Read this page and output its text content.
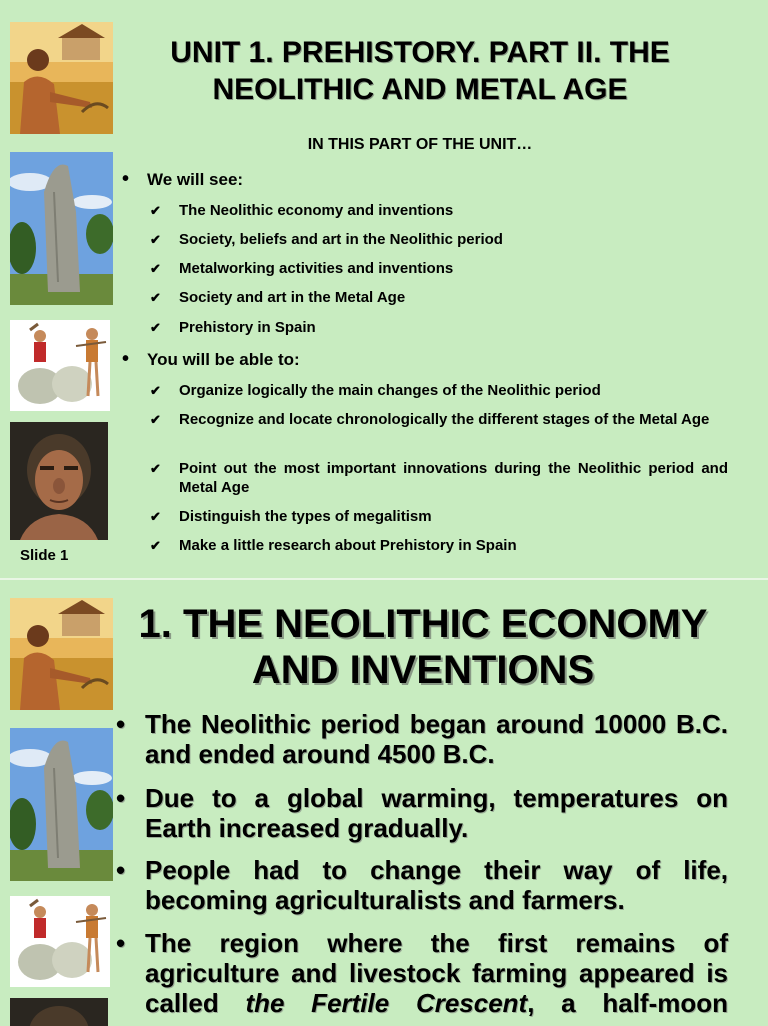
UNIT 1. PREHISTORY. PART II. THE NEOLITHIC AND METAL AGE
IN THIS PART OF THE UNIT…
• We will see:
✔ The Neolithic economy and inventions
✔ Society, beliefs and art in the Neolithic period
✔ Metalworking activities and inventions
✔ Society and art in the Metal Age
✔ Prehistory in Spain
• You will be able to:
✔ Organize logically the main changes of the Neolithic period
✔ Recognize and locate chronologically the different stages of the Metal Age
✔ Point out the most important innovations during the Neolithic period and Metal Age
✔ Distinguish the types of megalitism
✔ Make a little research about Prehistory in Spain
Slide 1
1. THE NEOLITHIC ECONOMY AND INVENTIONS
• The Neolithic period began around 10000 B.C. and ended around 4500 B.C.
• Due to a global warming, temperatures on Earth increased gradually.
• People had to change their way of life, becoming agriculturalists and farmers.
• The region where the first remains of agriculture and livestock farming appeared is called the Fertile Crescent, a half-moon
